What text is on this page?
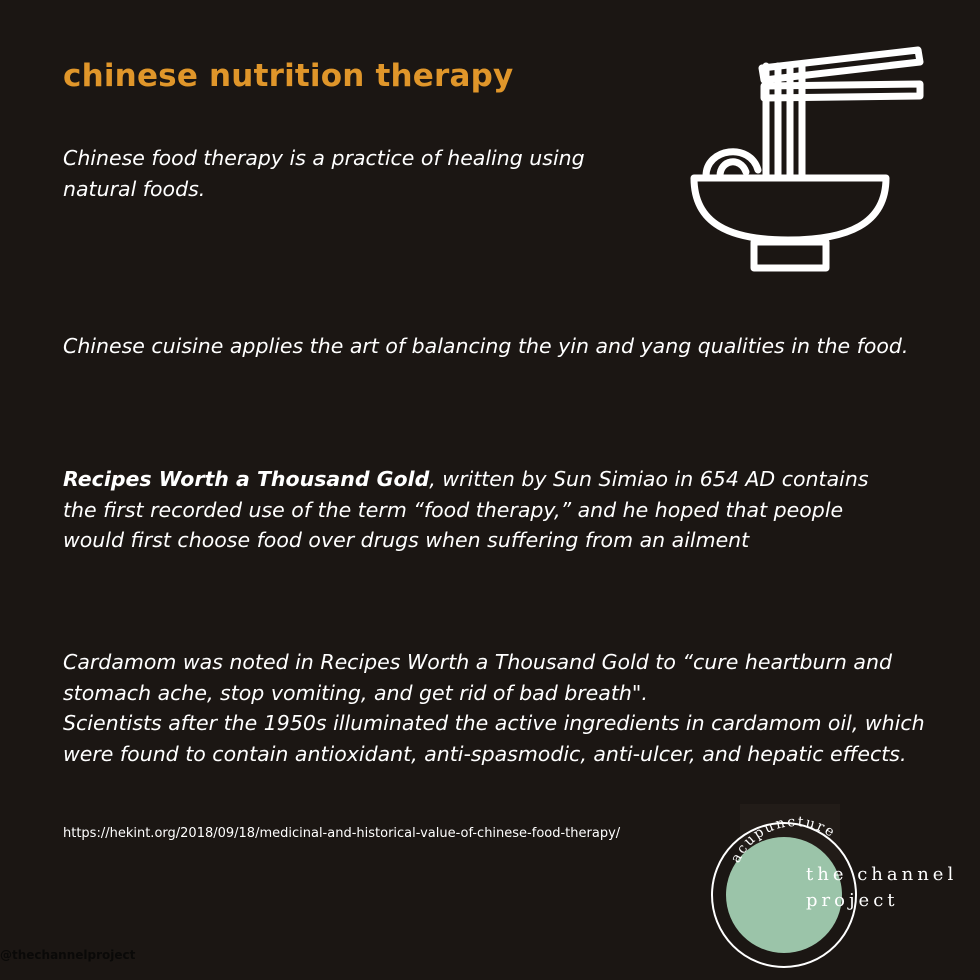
chinese nutrition therapy

Chinese food therapy is a practice of healing using natural foods.

Chinese cuisine applies the art of balancing the yin and yang qualities in the food.

Recipes Worth a Thousand Gold, written by Sun Simiao in 654 AD contains the first recorded use of the term “food therapy,” and he hoped that people would first choose food over drugs when suffering from an ailment

Cardamom was noted in Recipes Worth a Thousand Gold to “cure heartburn and stomach ache, stop vomiting, and get rid of bad breath".
Scientists after the 1950s illuminated the active ingredients in cardamom oil, which were found to contain antioxidant, anti-spasmodic, anti-ulcer, and hepatic effects.

https://hekint.org/2018/09/18/medicinal-and-historical-value-of-chinese-food-therapy/
@thechannelproject
acupuncture
the channel
project
